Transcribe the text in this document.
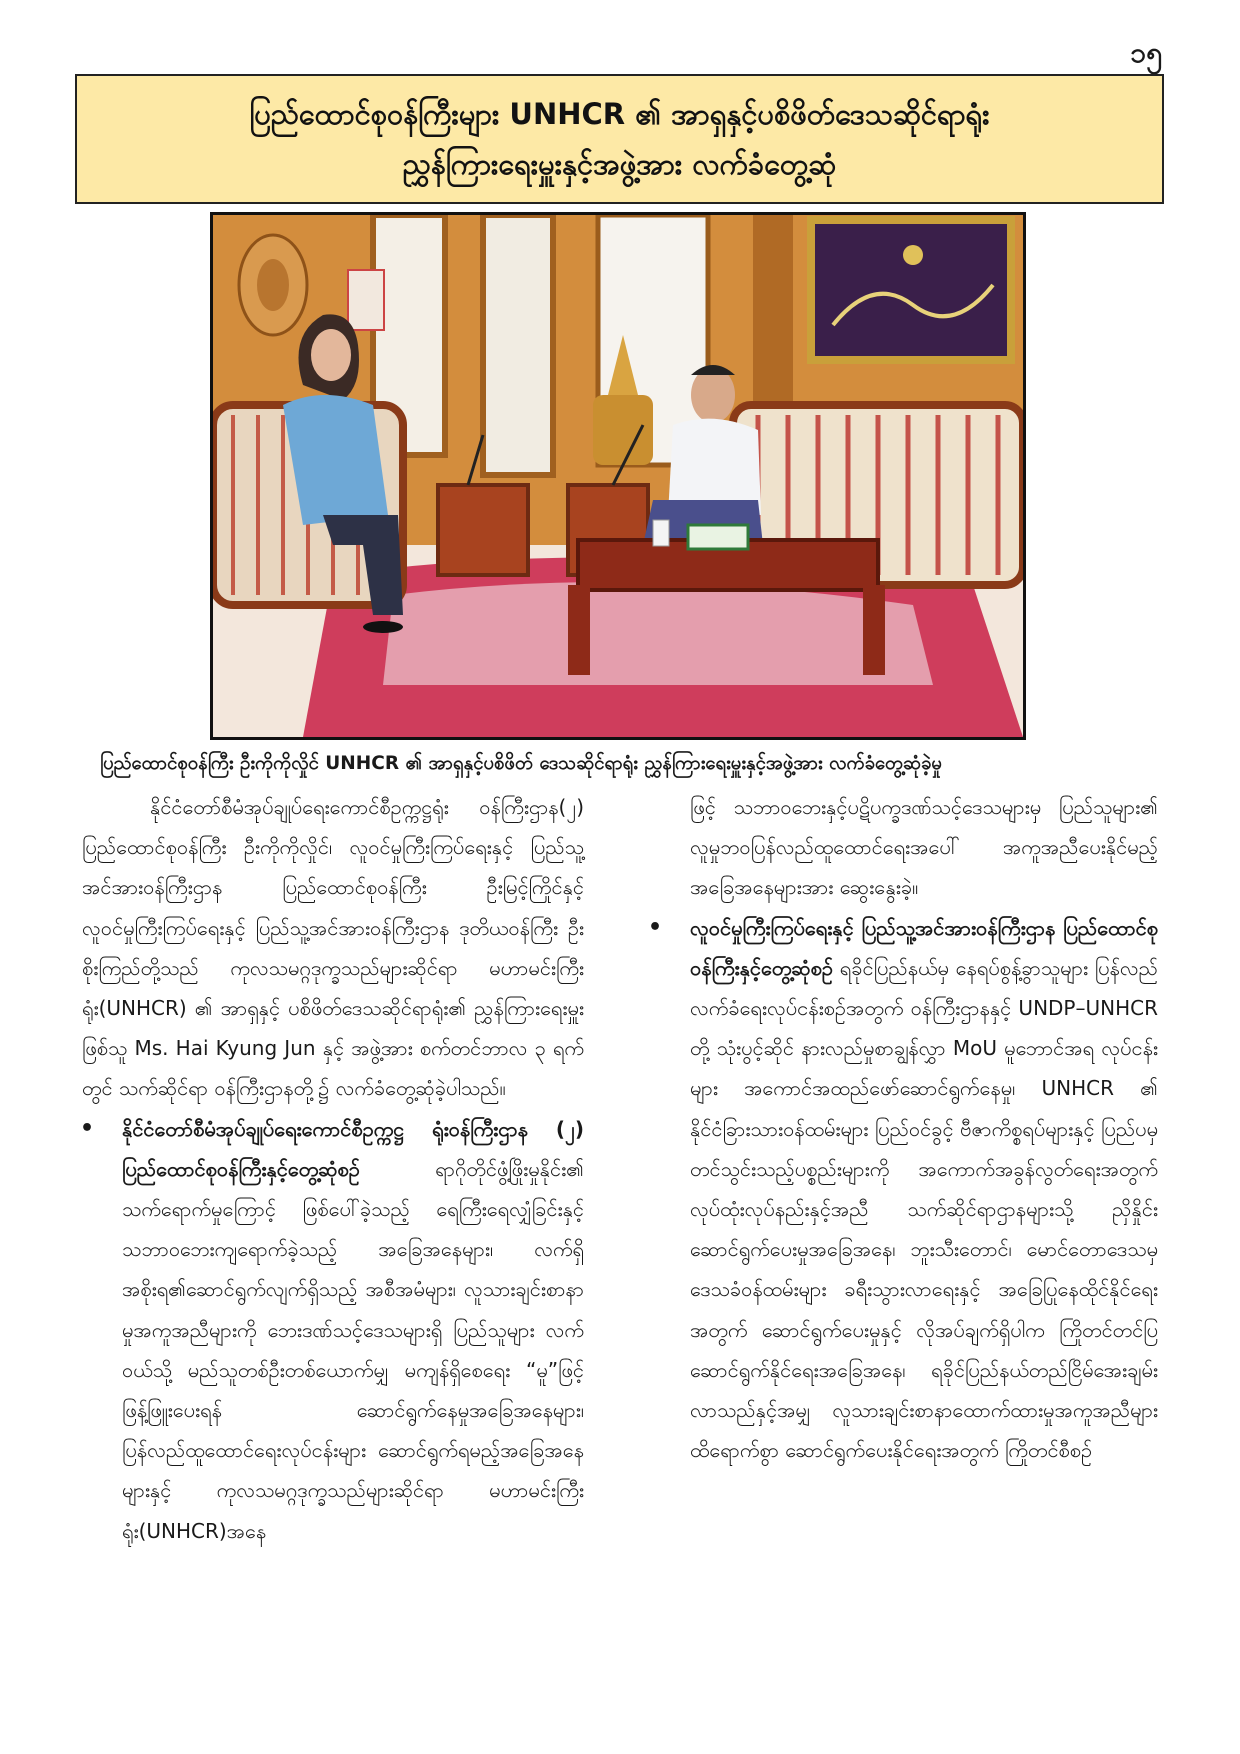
၁၅
ပြည်ထောင်စုဝန်ကြီးများ UNHCR ၏ အာရှနှင့်ပစိဖိတ်ဒေသဆိုင်ရာရုံး
ညွှန်ကြားရေးမှူးနှင့်အဖွဲ့အား လက်ခံတွေ့ဆုံ
ပြည်ထောင်စုဝန်ကြီး ဦးကိုကိုလှိုင် UNHCR ၏ အာရှနှင့်ပစိဖိတ် ဒေသဆိုင်ရာရုံး ညွှန်ကြားရေးမှူးနှင့်အဖွဲ့အား လက်ခံတွေ့ဆုံခဲ့မှု

နိုင်ငံတော်စီမံအုပ်ချုပ်ရေးကောင်စီဥက္ကဋ္ဌရုံး ဝန်ကြီးဌာန(၂) ပြည်ထောင်စုဝန်ကြီး ဦးကိုကိုလှိုင်၊ လူဝင်မှုကြီးကြပ်ရေးနှင့် ပြည်သူ့အင်အားဝန်ကြီးဌာန ပြည်ထောင်စုဝန်ကြီး ဦးမြင့်ကြိုင်နှင့် လူဝင်မှုကြီးကြပ်ရေးနှင့် ပြည်သူ့အင်အားဝန်ကြီးဌာန ဒုတိယဝန်ကြီး ဦးစိုးကြည်တို့သည် ကုလသမဂ္ဂဒုက္ခသည်များဆိုင်ရာ မဟာမင်းကြီးရုံး(UNHCR) ၏ အာရှနှင့် ပစိဖိတ်ဒေသဆိုင်ရာရုံး၏ ညွှန်ကြားရေးမှူးဖြစ်သူ Ms. Hai Kyung Jun နှင့် အဖွဲ့အား စက်တင်ဘာလ ၃ ရက်တွင် သက်ဆိုင်ရာ ဝန်ကြီးဌာနတို့၌ လက်ခံတွေ့ဆုံခဲ့ပါသည်။

• နိုင်ငံတော်စီမံအုပ်ချုပ်ရေးကောင်စီဥက္ကဋ္ဌ ရုံးဝန်ကြီးဌာန (၂) ပြည်ထောင်စုဝန်ကြီးနှင့်တွေ့ဆုံစဉ်	ရာဂိုတိုင်ဖွံ့ဖြိုးမှုနိုင်း၏ သက်ရောက်မှုကြောင့် ဖြစ်ပေါ်ခဲ့သည့် ရေကြီးရေလျှံခြင်းနှင့် သဘာဝဘေးကျရောက်ခဲ့သည့် အခြေအနေများ၊ လက်ရှိအစိုးရ၏ဆောင်ရွက်လျက်ရှိသည့် အစီအမံများ၊ လူသားချင်းစာနာမှုအကူအညီများကို ဘေးဒဏ်သင့်ဒေသများရှိ ပြည်သူများ လက်ဝယ်သို့ မည်သူတစ်ဦးတစ်ယောက်မျှ မကျန်ရှိစေရေး “မူ”ဖြင့် ဖြန့်ဖြူးပေးရန် ဆောင်ရွက်နေမှုအခြေအနေများ၊ ပြန်လည်ထူထောင်ရေးလုပ်ငန်းများ ဆောင်ရွက်ရမည့်အခြေအနေများနှင့် ကုလသမဂ္ဂဒုက္ခသည်များဆိုင်ရာ မဟာမင်းကြီးရုံး(UNHCR)အနေ

ဖြင့် သဘာဝဘေးနှင့်ပဋိပက္ခဒဏ်သင့်ဒေသများမှ ပြည်သူများ၏ လူမှုဘဝပြန်လည်ထူထောင်ရေးအပေါ် အကူအညီပေးနိုင်မည့် အခြေအနေများအား ဆွေးနွေးခဲ့။

• လူဝင်မှုကြီးကြပ်ရေးနှင့် ပြည်သူ့အင်အားဝန်ကြီးဌာန ပြည်ထောင်စုဝန်ကြီးနှင့်တွေ့ဆုံစဉ် ရခိုင်ပြည်နယ်မှ နေရပ်စွန့်ခွာသူများ ပြန်လည်လက်ခံရေးလုပ်ငန်းစဉ်အတွက် ဝန်ကြီးဌာနနှင့် UNDP–UNHCR တို့ သုံးပွင့်ဆိုင် နားလည်မှုစာချွန်လွှာ MoU မူဘောင်အရ လုပ်ငန်းများ အကောင်အထည်ဖော်ဆောင်ရွက်နေမှု၊ UNHCR ၏ နိုင်ငံခြားသားဝန်ထမ်းများ ပြည်ဝင်ခွင့် ဗီဇာကိစ္စရပ်များနှင့် ပြည်ပမှ တင်သွင်းသည့်ပစ္စည်းများကို အကောက်အခွန်လွတ်ရေးအတွက် လုပ်ထုံးလုပ်နည်းနှင့်အညီ သက်ဆိုင်ရာဌာနများသို့ ညှိနှိုင်းဆောင်ရွက်ပေးမှုအခြေအနေ၊ ဘူးသီးတောင်၊ မောင်တောဒေသမှ ဒေသခံဝန်ထမ်းများ ခရီးသွားလာရေးနှင့် အခြေပြုနေထိုင်နိုင်ရေးအတွက် ဆောင်ရွက်ပေးမှုနှင့် လိုအပ်ချက်ရှိပါက ကြိုတင်တင်ပြဆောင်ရွက်နိုင်ရေးအခြေအနေ၊ ရခိုင်ပြည်နယ်တည်ငြိမ်အေးချမ်းလာသည်နှင့်အမျှ လူသားချင်းစာနာထောက်ထားမှုအကူအညီများ ထိရောက်စွာ ဆောင်ရွက်ပေးနိုင်ရေးအတွက် ကြိုတင်စီစဉ်
